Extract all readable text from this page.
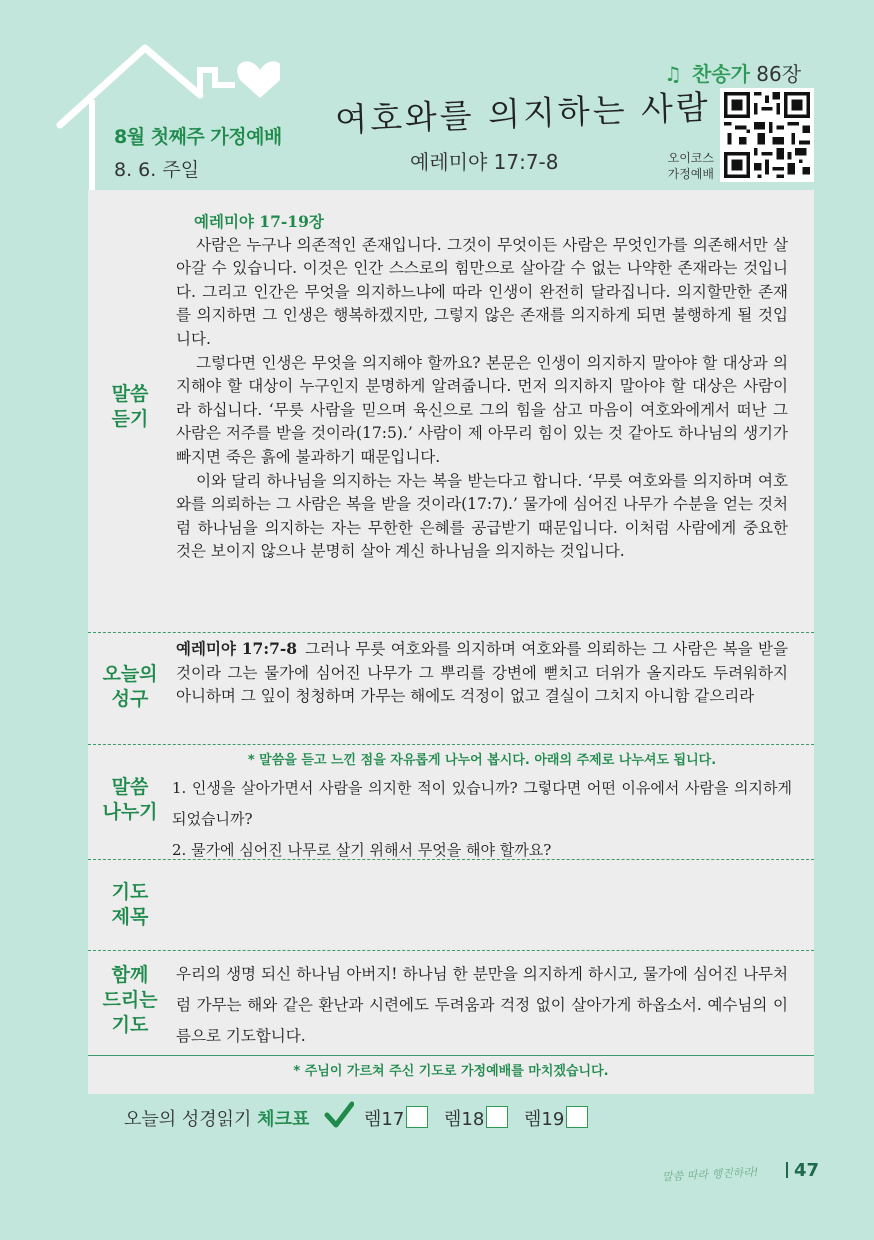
8월 첫째주 가정예배
8. 6. 주일
여호와를 의지하는 사람
예레미야 17:7-8
♫ 찬송가 86장
오이코스
가정예배
말씀
듣기
예레미야 17-19장

사람은 누구나 의존적인 존재입니다. 그것이 무엇이든 사람은 무엇인가를 의존해서만 살아갈 수 있습니다. 이것은 인간 스스로의 힘만으로 살아갈 수 없는 나약한 존재라는 것입니다. 그리고 인간은 무엇을 의지하느냐에 따라 인생이 완전히 달라집니다. 의지할만한 존재를 의지하면 그 인생은 행복하겠지만, 그렇지 않은 존재를 의지하게 되면 불행하게 될 것입니다.

그렇다면 인생은 무엇을 의지해야 할까요? 본문은 인생이 의지하지 말아야 할 대상과 의지해야 할 대상이 누구인지 분명하게 알려줍니다. 먼저 의지하지 말아야 할 대상은 사람이라 하십니다. ‘무릇 사람을 믿으며 육신으로 그의 힘을 삼고 마음이 여호와에게서 떠난 그 사람은 저주를 받을 것이라(17:5).’ 사람이 제 아무리 힘이 있는 것 같아도 하나님의 생기가 빠지면 죽은 흙에 불과하기 때문입니다.

이와 달리 하나님을 의지하는 자는 복을 받는다고 합니다. ‘무릇 여호와를 의지하며 여호와를 의뢰하는 그 사람은 복을 받을 것이라(17:7).’ 물가에 심어진 나무가 수분을 얻는 것처럼 하나님을 의지하는 자는 무한한 은혜를 공급받기 때문입니다. 이처럼 사람에게 중요한 것은 보이지 않으나 분명히 살아 계신 하나님을 의지하는 것입니다.

오늘의
성구
예레미야 17:7-8 그러나 무릇 여호와를 의지하며 여호와를 의뢰하는 그 사람은 복을 받을 것이라 그는 물가에 심어진 나무가 그 뿌리를 강변에 뻗치고 더위가 올지라도 두려워하지 아니하며 그 잎이 청청하며 가무는 해에도 걱정이 없고 결실이 그치지 아니함 같으리라
말씀
나누기
* 말씀을 듣고 느낀 점을 자유롭게 나누어 봅시다. 아래의 주제로 나누셔도 됩니다.
1. 인생을 살아가면서 사람을 의지한 적이 있습니까? 그렇다면 어떤 이유에서 사람을 의지하게 되었습니까?
2. 물가에 심어진 나무로 살기 위해서 무엇을 해야 할까요?
기도
제목
함께
드리는
기도
우리의 생명 되신 하나님 아버지! 하나님 한 분만을 의지하게 하시고, 물가에 심어진 나무처럼 가무는 해와 같은 환난과 시련에도 두려움과 걱정 없이 살아가게 하옵소서. 예수님의 이름으로 기도합니다.
* 주님이 가르쳐 주신 기도로 가정예배를 마치겠습니다.
오늘의 성경읽기 체크표	렘17	렘18	렘19
말씀 따라 행진하라!	47
